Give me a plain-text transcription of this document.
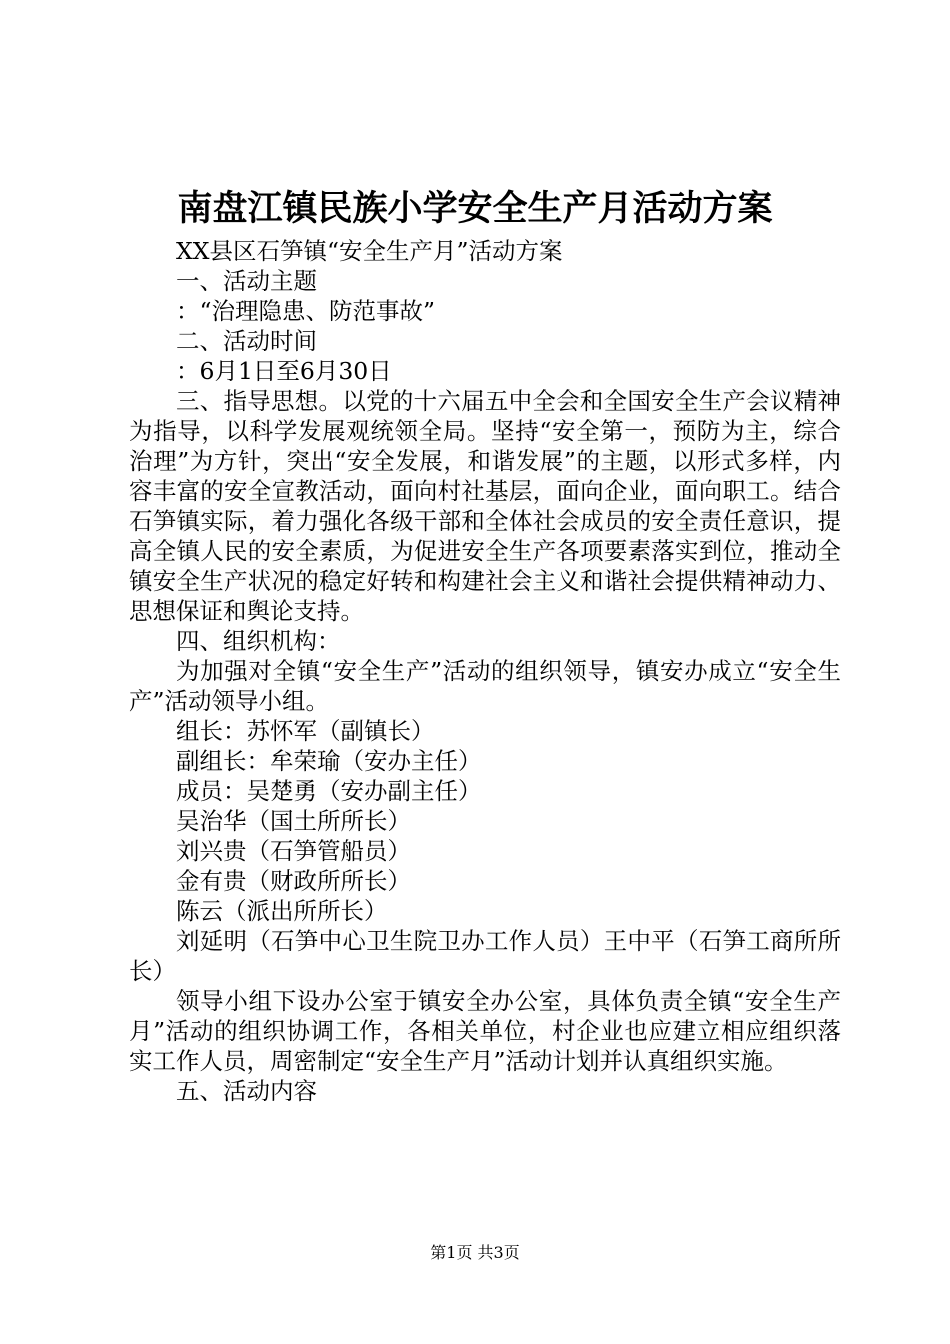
南盘江镇民族小学安全生产月活动方案

XX县区石笋镇“安全生产月”活动方案

一、活动主题

：“治理隐患、防范事故”

二、活动时间

：6月1日至6月30日

三、指导思想。以党的十六届五中全会和全国安全生产会议精神为指导，以科学发展观统领全局。坚持“安全第一，预防为主，综合治理”为方针，突出“安全发展，和谐发展”的主题，以形式多样，内容丰富的安全宣教活动，面向村社基层，面向企业，面向职工。结合石笋镇实际，着力强化各级干部和全体社会成员的安全责任意识，提高全镇人民的安全素质，为促进安全生产各项要素落实到位，推动全镇安全生产状况的稳定好转和构建社会主义和谐社会提供精神动力、思想保证和舆论支持。

四、组织机构：

为加强对全镇“安全生产”活动的组织领导，镇安办成立“安全生产”活动领导小组。

组长：苏怀军（副镇长）

副组长：牟荣瑜（安办主任）

成员：吴楚勇（安办副主任）

吴治华（国土所所长）

刘兴贵（石笋管船员）

金有贵（财政所所长）

陈云（派出所所长）

刘延明（石笋中心卫生院卫办工作人员）王中平（石笋工商所所长）

领导小组下设办公室于镇安全办公室，具体负责全镇“安全生产月”活动的组织协调工作，各相关单位，村企业也应建立相应组织落实工作人员，周密制定“安全生产月”活动计划并认真组织实施。

五、活动内容

第1页 共3页
